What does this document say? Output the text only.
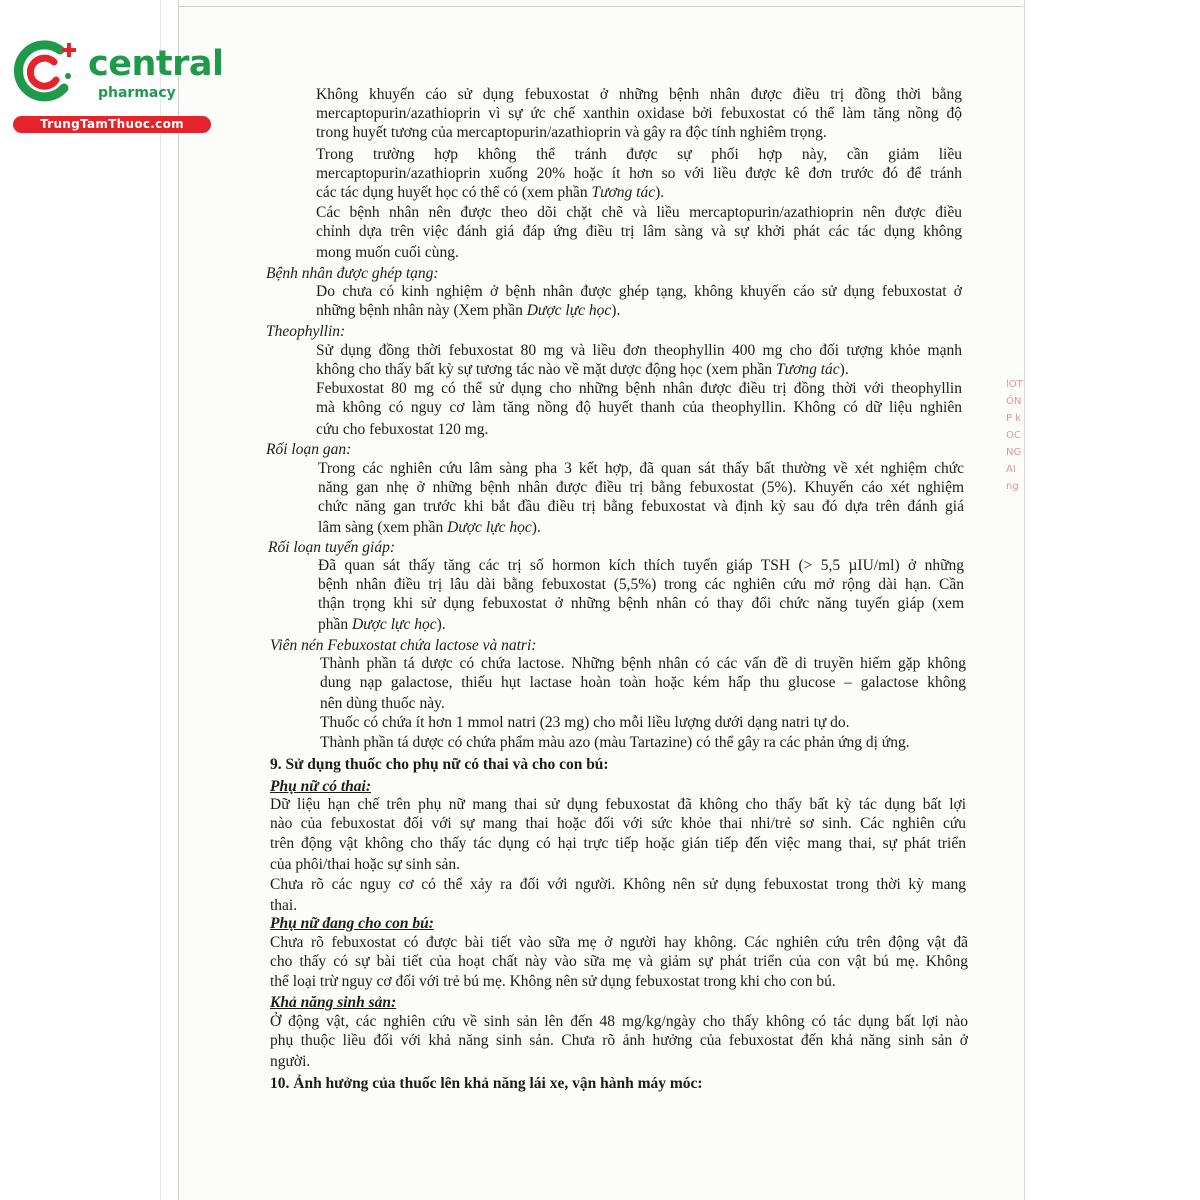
central
pharmacy
TrungTamThuoc.com
lOT
ÔN
P k
OC
NG
AI
ng
Không khuyến cáo sử dụng febuxostat ở những bệnh nhân được điều trị đồng thời bằng
mercaptopurin/azathioprin vì sự ức chế xanthin oxidase bởi febuxostat có thể làm tăng nồng độ
trong huyết tương của mercaptopurin/azathioprin và gây ra độc tính nghiêm trọng.
Trong trường hợp không thể tránh được sự phối hợp này, cần giảm liều
mercaptopurin/azathioprin xuống 20% hoặc ít hơn so với liều được kê đơn trước đó để tránh
các tác dụng huyết học có thể có (xem phần Tương tác).
Các bệnh nhân nên được theo dõi chặt chẽ và liều mercaptopurin/azathioprin nên được điều
chỉnh dựa trên việc đánh giá đáp ứng điều trị lâm sàng và sự khởi phát các tác dụng không
mong muốn cuối cùng.
Bệnh nhân được ghép tạng:
Do chưa có kinh nghiệm ở bệnh nhân được ghép tạng, không khuyến cáo sử dụng febuxostat ở
những bệnh nhân này (Xem phần Dược lực học).
Theophyllin:
Sử dụng đồng thời febuxostat 80 mg và liều đơn theophyllin 400 mg cho đối tượng khỏe mạnh
không cho thấy bất kỳ sự tương tác nào về mặt dược động học (xem phần Tương tác).
Febuxostat 80 mg có thể sử dụng cho những bệnh nhân được điều trị đồng thời với theophyllin
mà không có nguy cơ làm tăng nồng độ huyết thanh của theophyllin. Không có dữ liệu nghiên
cứu cho febuxostat 120 mg.
Rối loạn gan:
Trong các nghiên cứu lâm sàng pha 3 kết hợp, đã quan sát thấy bất thường về xét nghiệm chức
năng gan nhẹ ở những bệnh nhân được điều trị bằng febuxostat (5%). Khuyến cáo xét nghiệm
chức năng gan trước khi bắt đầu điều trị bằng febuxostat và định kỳ sau đó dựa trên đánh giá
lâm sàng (xem phần Dược lực học).
Rối loạn tuyến giáp:
Đã quan sát thấy tăng các trị số hormon kích thích tuyến giáp TSH (> 5,5 µIU/ml) ở những
bệnh nhân điều trị lâu dài bằng febuxostat (5,5%) trong các nghiên cứu mở rộng dài hạn. Cần
thận trọng khi sử dụng febuxostat ở những bệnh nhân có thay đổi chức năng tuyến giáp (xem
phần Dược lực học).
Viên nén Febuxostat chứa lactose và natri:
Thành phần tá dược có chứa lactose. Những bệnh nhân có các vấn đề di truyền hiếm gặp không
dung nạp galactose, thiếu hụt lactase hoàn toàn hoặc kém hấp thu glucose – galactose không
nên dùng thuốc này.
Thuốc có chứa ít hơn 1 mmol natri (23 mg) cho mỗi liều lượng dưới dạng natri tự do.
Thành phần tá dược có chứa phẩm màu azo (màu Tartazine) có thể gây ra các phản ứng dị ứng.
9. Sử dụng thuốc cho phụ nữ có thai và cho con bú:
Phụ nữ có thai:
Dữ liệu hạn chế trên phụ nữ mang thai sử dụng febuxostat đã không cho thấy bất kỳ tác dụng bất lợi
nào của febuxostat đối với sự mang thai hoặc đối với sức khỏe thai nhi/trẻ sơ sinh. Các nghiên cứu
trên động vật không cho thấy tác dụng có hại trực tiếp hoặc gián tiếp đến việc mang thai, sự phát triển
của phôi/thai hoặc sự sinh sản.
Chưa rõ các nguy cơ có thể xảy ra đối với người. Không nên sử dụng febuxostat trong thời kỳ mang
thai.
Phụ nữ đang cho con bú:
Chưa rõ febuxostat có được bài tiết vào sữa mẹ ở người hay không. Các nghiên cứu trên động vật đã
cho thấy có sự bài tiết của hoạt chất này vào sữa mẹ và giảm sự phát triển của con vật bú mẹ. Không
thể loại trừ nguy cơ đối với trẻ bú mẹ. Không nên sử dụng febuxostat trong khi cho con bú.
Khả năng sinh sản:
Ở động vật, các nghiên cứu về sinh sản lên đến 48 mg/kg/ngày cho thấy không có tác dụng bất lợi nào
phụ thuộc liều đối với khả năng sinh sản. Chưa rõ ảnh hưởng của febuxostat đến khả năng sinh sản ở
người.
10. Ảnh hưởng của thuốc lên khả năng lái xe, vận hành máy móc:
